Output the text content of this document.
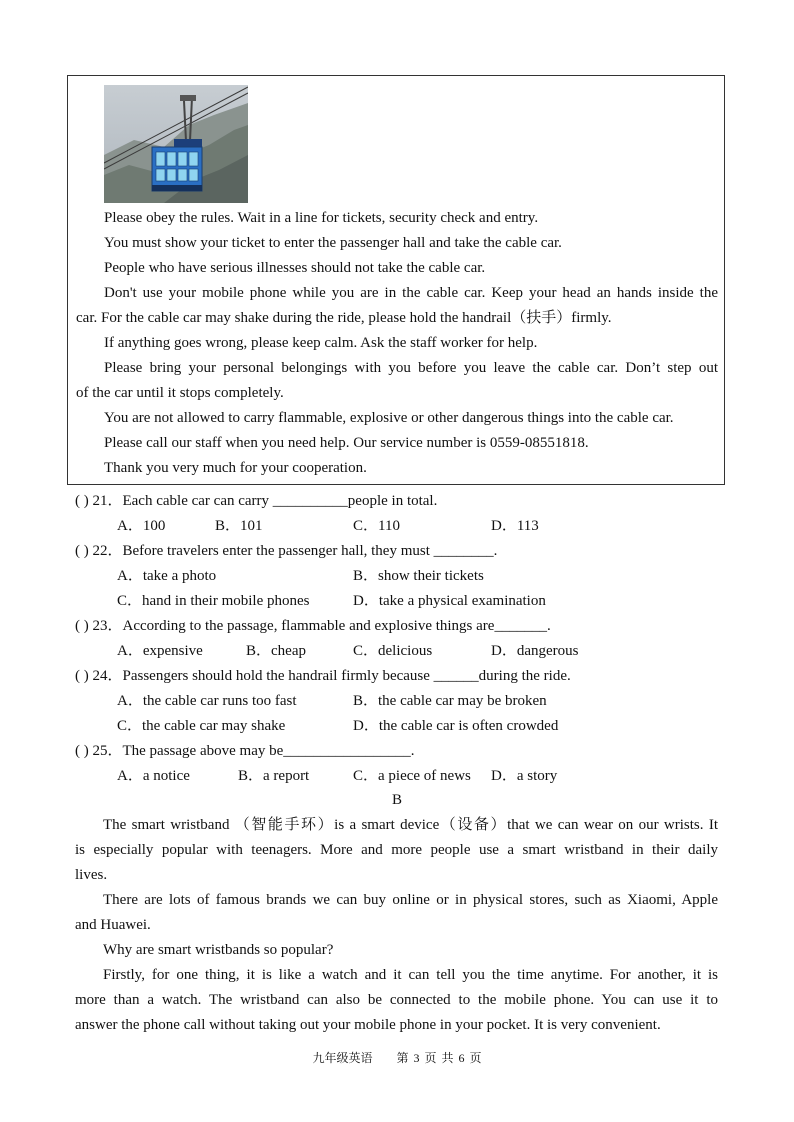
Please obey the rules. Wait in a line for tickets, security check and entry.
You must show your ticket to enter the passenger hall and take the cable car.
People who have serious illnesses should not take the cable car.
Don't use your mobile phone while you are in the cable car. Keep your head an hands inside the
car. For the cable car may shake during the ride, please hold the handrail（扶手）firmly.
If anything goes wrong, please keep calm. Ask the staff worker for help.
Please bring your personal belongings with you before you leave the cable car. Don’t step out
of the car until it stops completely.
You are not allowed to carry flammable, explosive or other dangerous things into the cable car.
Please call our staff when you need help. Our service number is 0559-08551818.
Thank you very much for your cooperation.
( ) 21．Each cable car can carry __________people in total.
A．100	B．101	C．110	D．113
( ) 22．Before travelers enter the passenger hall, they must ________.
A．take a photo	B．show their tickets
C．hand in their mobile phones	D．take a physical examination
( ) 23．According to the passage, flammable and explosive things are_______.
A．expensive	B．cheap	C．delicious	D．dangerous
( ) 24．Passengers should hold the handrail firmly because ______during the ride.
A．the cable car runs too fast	B．the cable car may be broken
C．the cable car may shake	D．the cable car is often crowded
( ) 25．The passage above may be_________________.
A．a notice	B．a report	C．a piece of news D．a story
B
The smart wristband （智能手环）is a smart device（设备）that we can wear on our wrists. It
is especially popular with teenagers. More and more people use a smart wristband in their daily
lives.
There are lots of famous brands we can buy online or in physical stores, such as Xiaomi, Apple
and Huawei.
Why are smart wristbands so popular?
Firstly, for one thing, it is like a watch and it can tell you the time anytime. For another, it is
more than a watch. The wristband can also be connected to the mobile phone. You can use it to
answer the phone call without taking out your mobile phone in your pocket. It is very convenient.
九年级英语　　第 3 页 共 6 页
